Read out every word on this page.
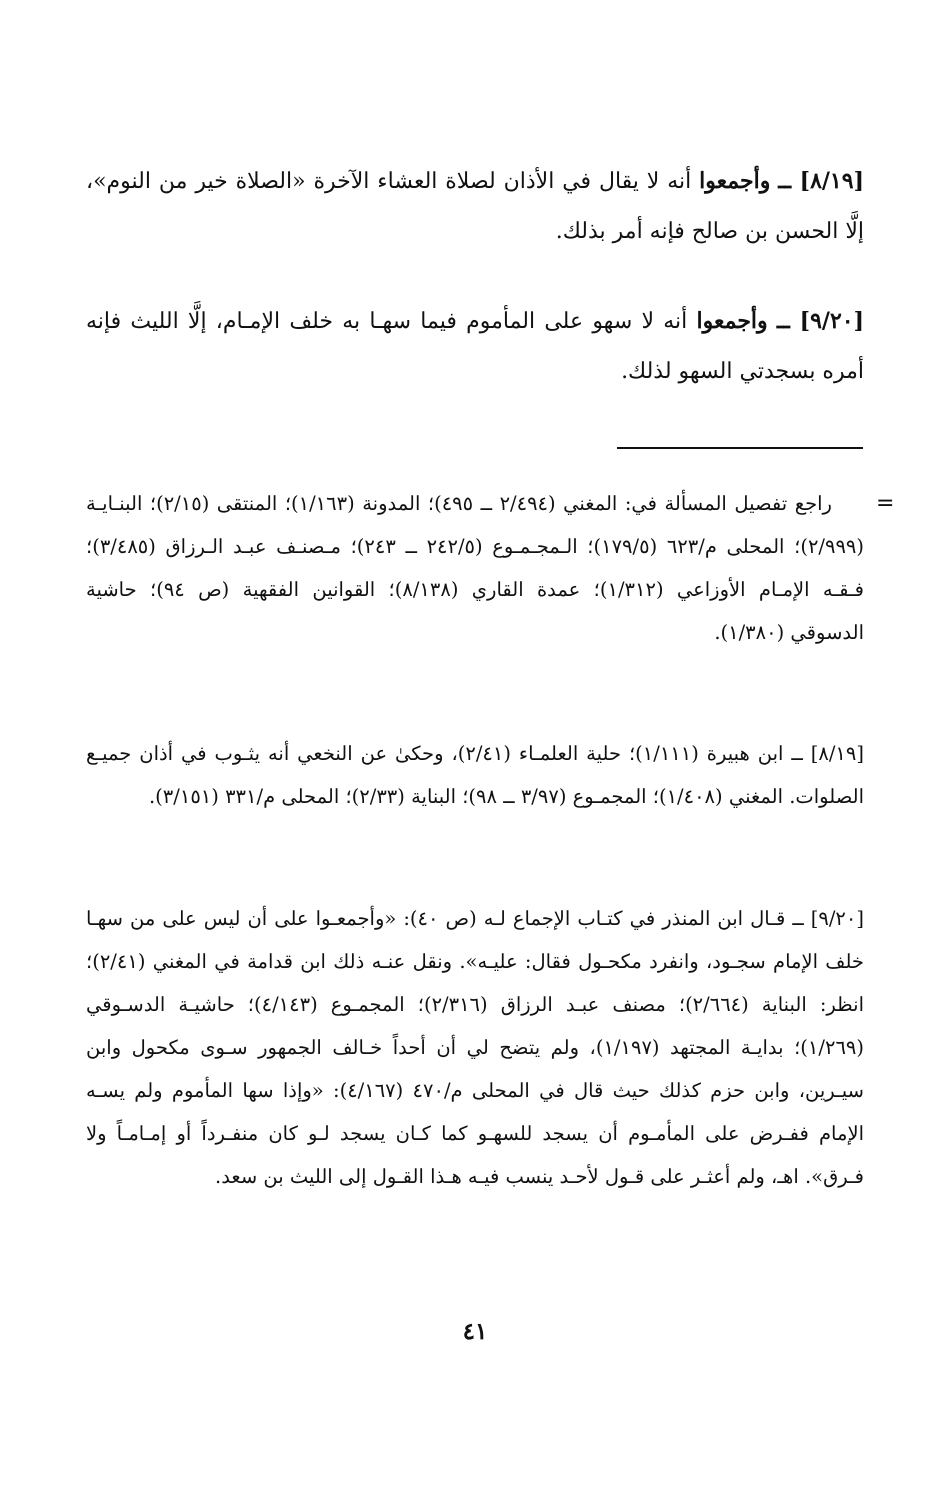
[٨/١٩] ــ وأجمعوا أنه لا يقال في الأذان لصلاة العشاء الآخرة «الصلاة خير من النوم»، إلَّا الحسن بن صالح فإنه أمر بذلك.

[٩/٢٠] ــ وأجمعوا أنه لا سهو على المأموم فيما سهـا به خلف الإمـام، إلَّا الليث فإنه أمره بسجدتي السهو لذلك.

=

راجع تفصيل المسألة في: المغني (٢/٤٩٤ ــ ٤٩٥)؛ المدونة (١/١٦٣)؛ المنتقى (٢/١٥)؛ البنـايـة (٢/٩٩٩)؛ المحلى م/٦٢٣ (١٧٩/٥)؛ الـمجـمـوع (٢٤٢/٥ ــ ٢٤٣)؛ مـصنـف عبـد الـرزاق (٣/٤٨٥)؛ فـقـه الإمـام الأوزاعي (١/٣١٢)؛ عمدة القاري (٨/١٣٨)؛ القوانين الفقهية (ص ٩٤)؛ حاشية الدسوقي (١/٣٨٠).

[٨/١٩] ــ ابن هبيرة (١/١١١)؛ حلية العلمـاء (٢/٤١)، وحكىٰ عن النخعي أنه يثـوب في أذان جميـع الصلوات. المغني (١/٤٠٨)؛ المجمـوع (٣/٩٧ ــ ٩٨)؛ البناية (٢/٣٣)؛ المحلى م/٣٣١ (٣/١٥١).

[٩/٢٠] ــ قـال ابن المنذر في كتـاب الإجماع لـه (ص ٤٠): «وأجمعـوا على أن ليس على من سهـا خلف الإمام سجـود، وانفرد مكحـول فقال: عليـه». ونقل عنـه ذلك ابن قدامة في المغني (٢/٤١)؛ انظر: البناية (٢/٦٦٤)؛ مصنف عبـد الرزاق (٢/٣١٦)؛ المجمـوع (٤/١٤٣)؛ حاشيـة الدسـوقي (١/٢٦٩)؛ بدايـة المجتهد (١/١٩٧)، ولم يتضح لي أن أحداً خـالف الجمهور سـوى مكحول وابن سيـرين، وابن حزم كذلك حيث قال في المحلى م/٤٧٠ (٤/١٦٧): «وإذا سها المأموم ولم يسـه الإمام ففـرض على المأمـوم أن يسجد للسهـو كما كـان يسجد لـو كان منفـرداً أو إمـامـاً ولا فـرق». اهـ، ولم أعثـر على قـول لأحـد ينسب فيـه هـذا القـول إلى الليث بن سعد.

٤١
